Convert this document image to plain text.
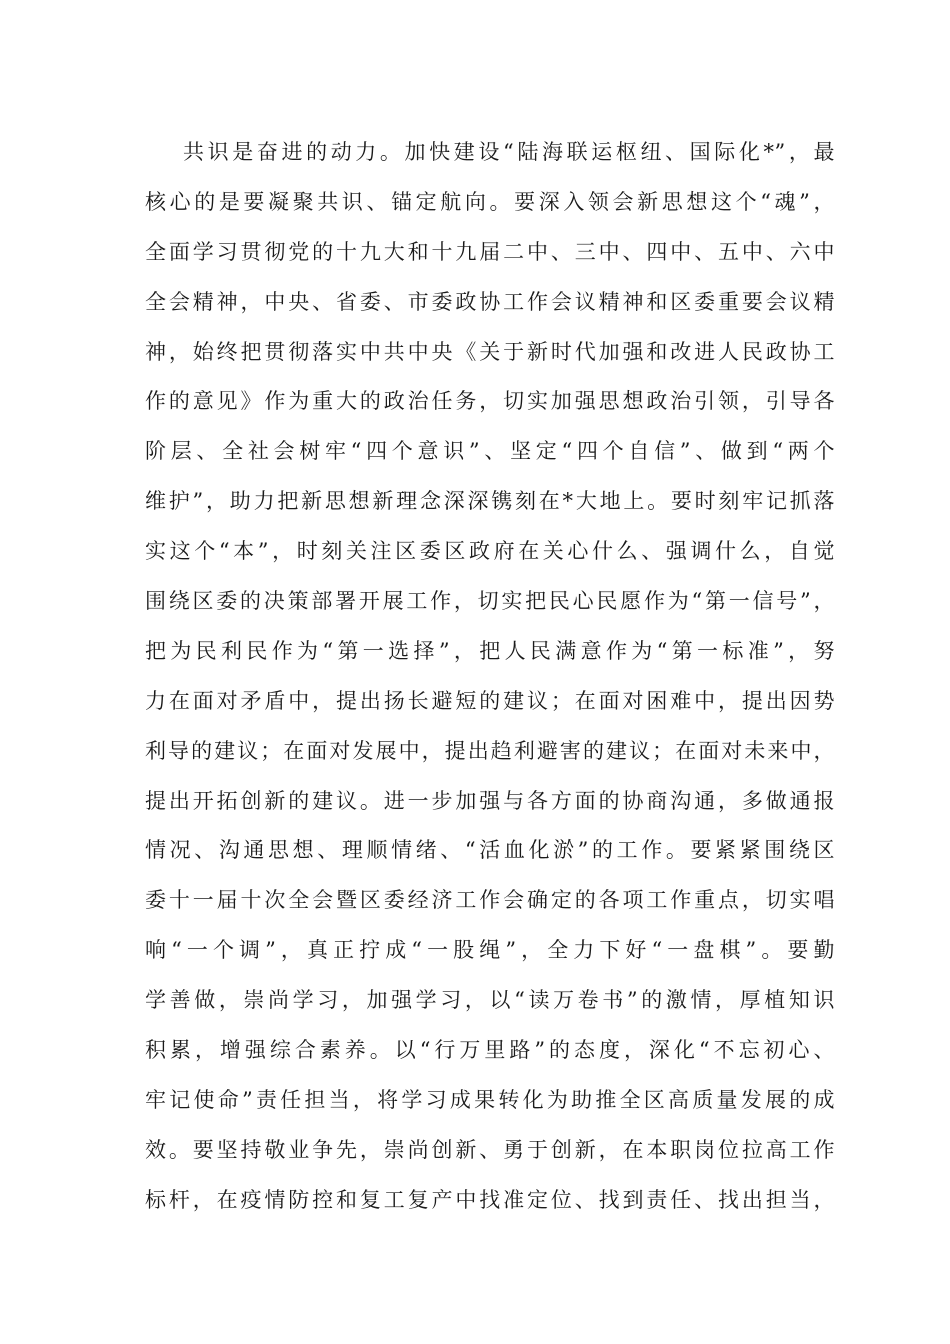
共识是奋进的动力。加快建设“陆海联运枢纽、国际化*”，最
核心的是要凝聚共识、锚定航向。要深入领会新思想这个“魂”，
全面学习贯彻党的十九大和十九届二中、三中、四中、五中、六中
全会精神，中央、省委、市委政协工作会议精神和区委重要会议精
神，始终把贯彻落实中共中央《关于新时代加强和改进人民政协工
作的意见》作为重大的政治任务，切实加强思想政治引领，引导各
阶层、全社会树牢“四个意识”、坚定“四个自信”、做到“两个
维护”，助力把新思想新理念深深镌刻在*大地上。要时刻牢记抓落
实这个“本”，时刻关注区委区政府在关心什么、强调什么，自觉
围绕区委的决策部署开展工作，切实把民心民愿作为“第一信号”，
把为民利民作为“第一选择”，把人民满意作为“第一标准”，努
力在面对矛盾中，提出扬长避短的建议；在面对困难中，提出因势
利导的建议；在面对发展中，提出趋利避害的建议；在面对未来中，
提出开拓创新的建议。进一步加强与各方面的协商沟通，多做通报
情况、沟通思想、理顺情绪、“活血化淤”的工作。要紧紧围绕区
委十一届十次全会暨区委经济工作会确定的各项工作重点，切实唱
响“一个调”，真正拧成“一股绳”，全力下好“一盘棋”。要勤
学善做，崇尚学习，加强学习，以“读万卷书”的激情，厚植知识
积累，增强综合素养。以“行万里路”的态度，深化“不忘初心、
牢记使命”责任担当，将学习成果转化为助推全区高质量发展的成
效。要坚持敬业争先，崇尚创新、勇于创新，在本职岗位拉高工作
标杆，在疫情防控和复工复产中找准定位、找到责任、找出担当，
